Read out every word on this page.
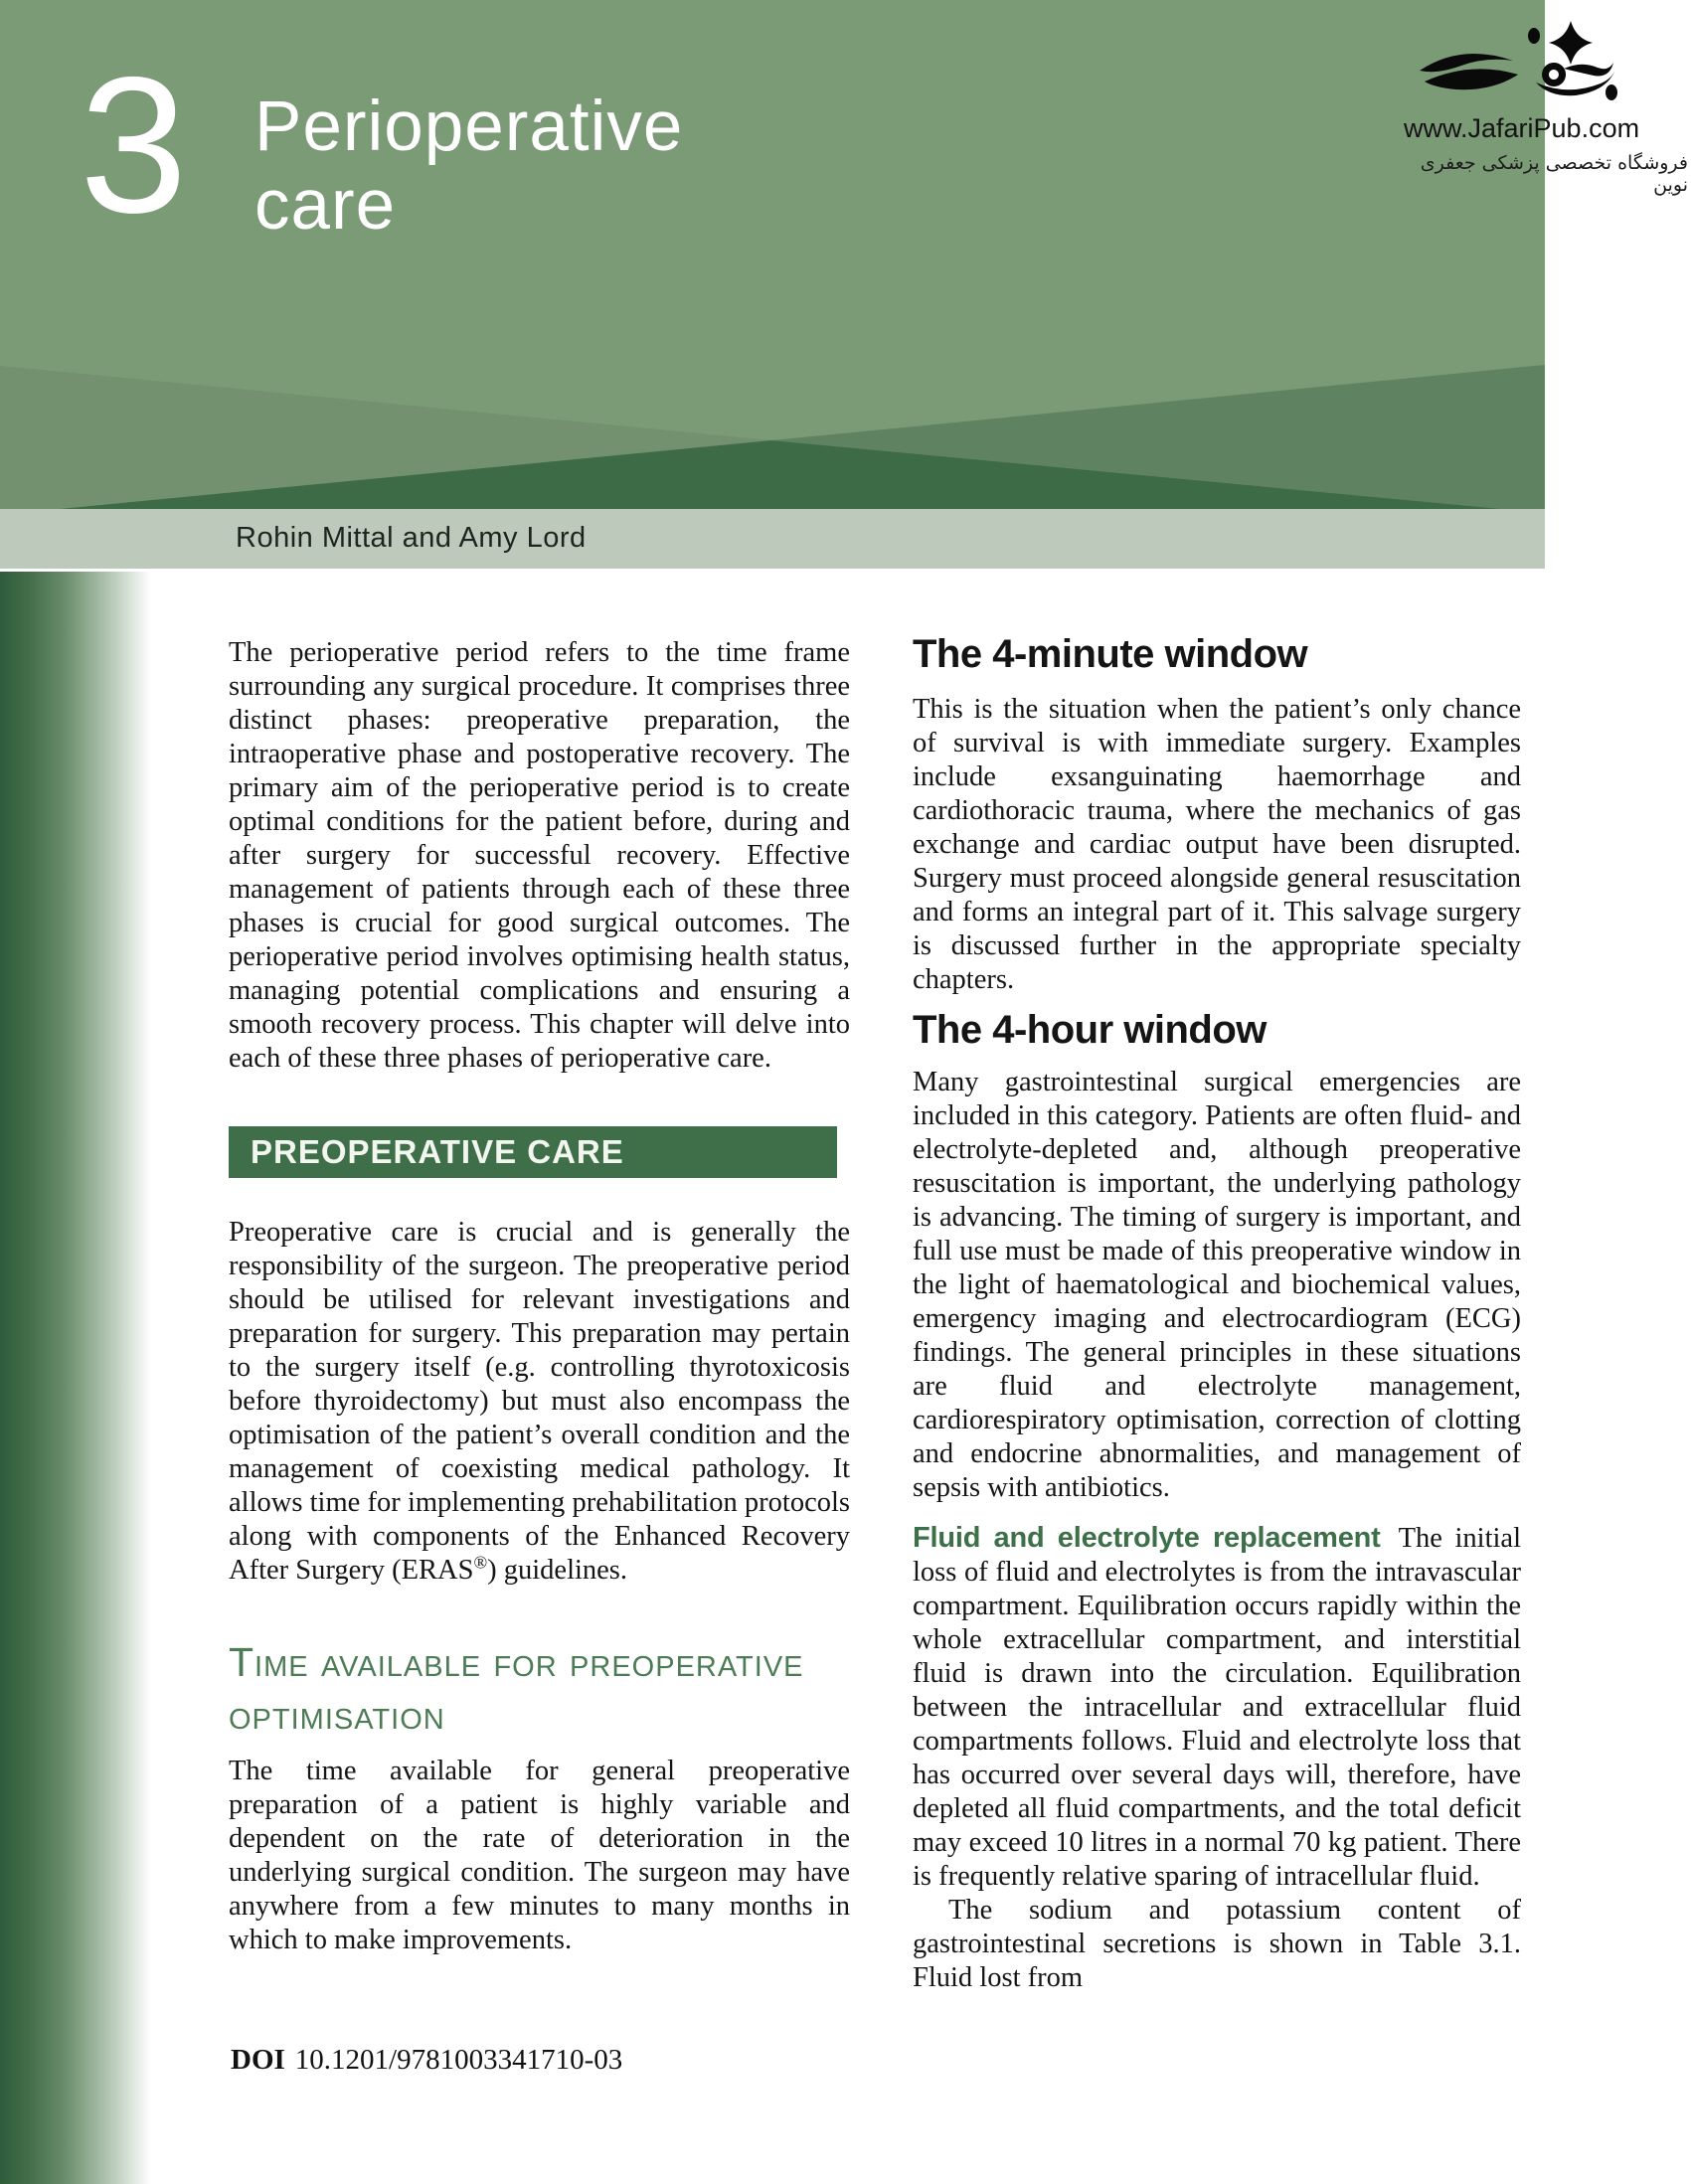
3 Perioperative care
www.JafariPub.com
فروشگاه تخصصی پزشکی جعفری نوین
Rohin Mittal and Amy Lord

The perioperative period refers to the time frame surrounding any surgical procedure. It comprises three distinct phases: preoperative preparation, the intraoperative phase and postoperative recovery. The primary aim of the perioperative period is to create optimal conditions for the patient before, during and after surgery for successful recovery. Effective management of patients through each of these three phases is crucial for good surgical outcomes. The perioperative period involves optimising health status, managing potential complications and ensuring a smooth recovery process. This chapter will delve into each of these three phases of perioperative care.

PREOPERATIVE CARE

Preoperative care is crucial and is generally the responsibility of the surgeon. The preoperative period should be utilised for relevant investigations and preparation for surgery. This preparation may pertain to the surgery itself (e.g. controlling thyrotoxicosis before thyroidectomy) but must also encompass the optimisation of the patient’s overall condition and the management of coexisting medical pathology. It allows time for implementing prehabilitation protocols along with components of the Enhanced Recovery After Surgery (ERAS®) guidelines.

Time available for preoperative optimisation

The time available for general preoperative preparation of a patient is highly variable and dependent on the rate of deterioration in the underlying surgical condition. The surgeon may have anywhere from a few minutes to many months in which to make improvements.

DOI 10.1201/9781003341710-03
The 4-minute window

This is the situation when the patient’s only chance of survival is with immediate surgery. Examples include exsanguinating haemorrhage and cardiothoracic trauma, where the mechanics of gas exchange and cardiac output have been disrupted. Surgery must proceed alongside general resuscitation and forms an integral part of it. This salvage surgery is discussed further in the appropriate specialty chapters.

The 4-hour window

Many gastrointestinal surgical emergencies are included in this category. Patients are often fluid- and electrolyte-depleted and, although preoperative resuscitation is important, the underlying pathology is advancing. The timing of surgery is important, and full use must be made of this preoperative window in the light of haematological and biochemical values, emergency imaging and electrocardiogram (ECG) findings. The general principles in these situations are fluid and electrolyte management, cardiorespiratory optimisation, correction of clotting and endocrine abnormalities, and management of sepsis with antibiotics.

Fluid and electrolyte replacement The initial loss of fluid and electrolytes is from the intravascular compartment. Equilibration occurs rapidly within the whole extracellular compartment, and interstitial fluid is drawn into the circulation. Equilibration between the intracellular and extracellular fluid compartments follows. Fluid and electrolyte loss that has occurred over several days will, therefore, have depleted all fluid compartments, and the total deficit may exceed 10 litres in a normal 70 kg patient. There is frequently relative sparing of intracellular fluid.

The sodium and potassium content of gastrointestinal secretions is shown in Table 3.1. Fluid lost from
